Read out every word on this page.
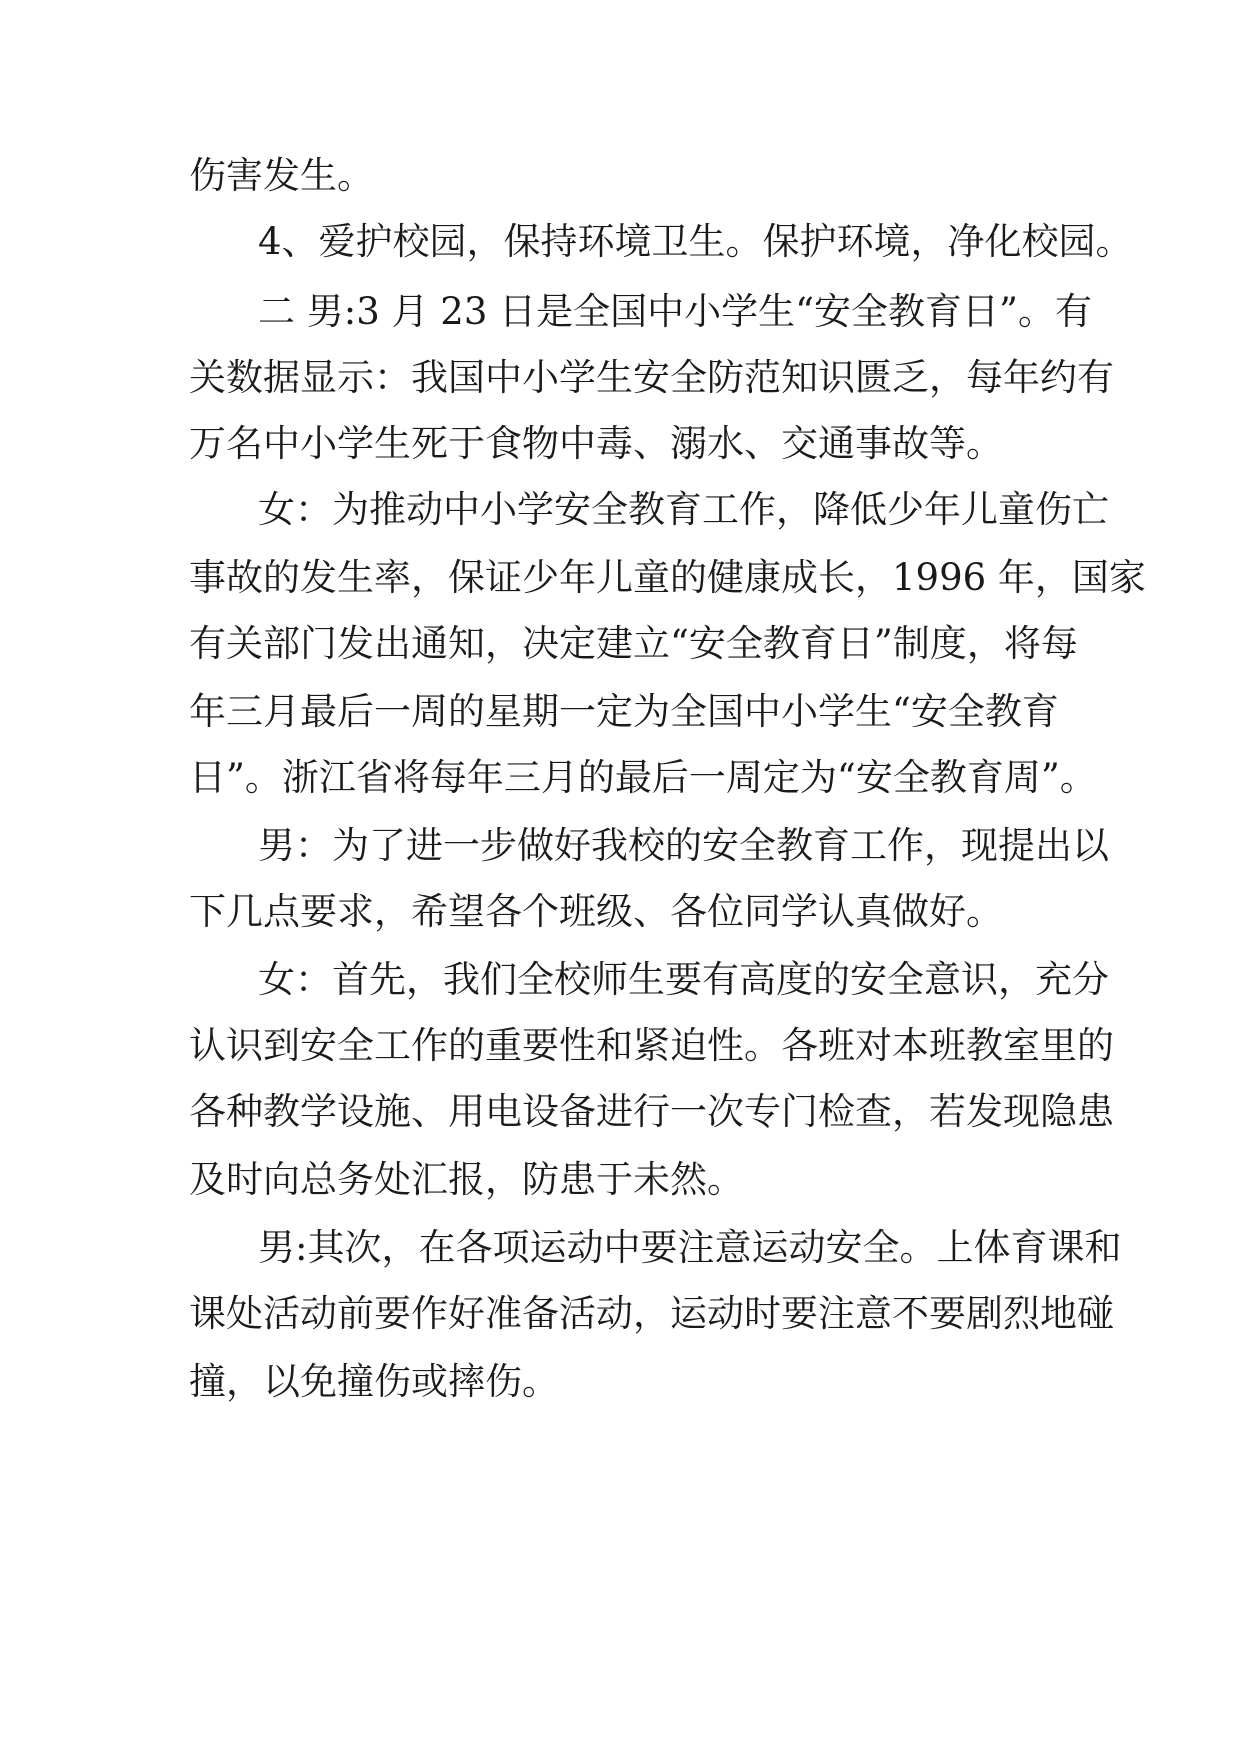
伤害发生。

4、爱护校园，保持环境卫生。保护环境，净化校园。

二 男:3 月 23 日是全国中小学生“安全教育日”。有

关数据显示：我国中小学生安全防范知识匮乏，每年约有

万名中小学生死于食物中毒、溺水、交通事故等。

女：为推动中小学安全教育工作，降低少年儿童伤亡

事故的发生率，保证少年儿童的健康成长，1996 年，国家

有关部门发出通知，决定建立“安全教育日”制度，将每

年三月最后一周的星期一定为全国中小学生“安全教育

日”。浙江省将每年三月的最后一周定为“安全教育周”。

男：为了进一步做好我校的安全教育工作，现提出以

下几点要求，希望各个班级、各位同学认真做好。

女：首先，我们全校师生要有高度的安全意识，充分

认识到安全工作的重要性和紧迫性。各班对本班教室里的

各种教学设施、用电设备进行一次专门检查，若发现隐患

及时向总务处汇报，防患于未然。

男:其次，在各项运动中要注意运动安全。上体育课和

课处活动前要作好准备活动，运动时要注意不要剧烈地碰

撞，以免撞伤或摔伤。
